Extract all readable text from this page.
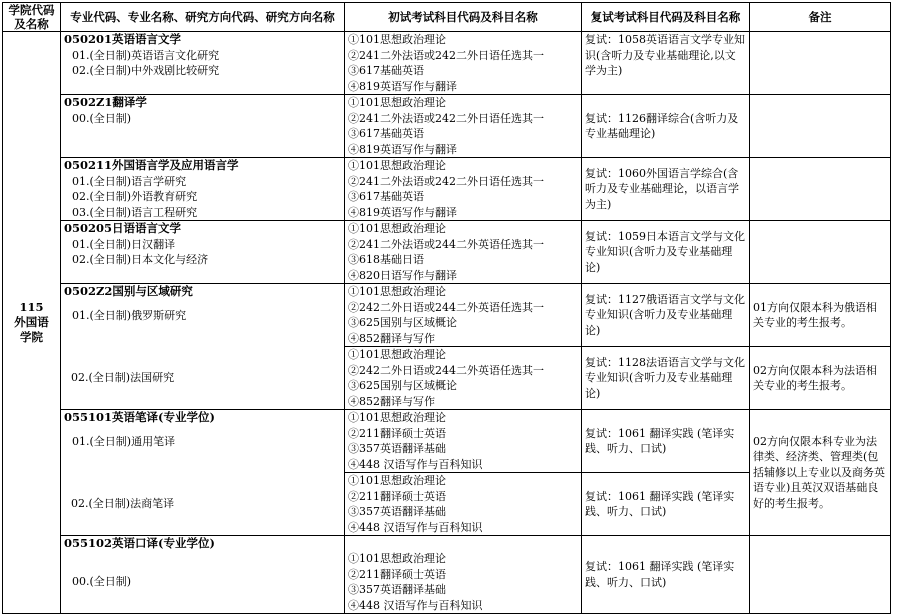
学院代码及名称	专业代码、专业名称、研究方向代码、研究方向名称	初试考试科目代码及科目名称	复试考试科目代码及科目名称	备注

115
外国语学院	050201英语语言文学
01.(全日制)英语语言文化研究
02.(全日制)中外戏剧比较研究	①101思想政治理论
②241二外法语或242二外日语任选其一
③617基础英语
④819英语写作与翻译	复试：1058英语语言文学专业知识(含听力及专业基础理论,以文学为主)	

	0502Z1翻译学
00.(全日制)	①101思想政治理论
②241二外法语或242二外日语任选其一
③617基础英语
④819英语写作与翻译	复试：1126翻译综合(含听力及专业基础理论)	

	050211外国语言学及应用语言学
01.(全日制)语言学研究
02.(全日制)外语教育研究
03.(全日制)语言工程研究	①101思想政治理论
②241二外法语或242二外日语任选其一
③617基础英语
④819英语写作与翻译	复试：1060外国语言学综合(含听力及专业基础理论，以语言学为主)	

	050205日语语言文学
01.(全日制)日汉翻译
02.(全日制)日本文化与经济	①101思想政治理论
②241二外法语或244二外英语任选其一
③618基础日语
④820日语写作与翻译	复试：1059日本语言文学与文化专业知识(含听力及专业基础理论)	

	0502Z2国别与区域研究
01.(全日制)俄罗斯研究	①101思想政治理论
②242二外日语或244二外英语任选其一
③625国别与区域概论
④852翻译与写作	复试：1127俄语语言文学与文化专业知识(含听力及专业基础理论)	01方向仅限本科为俄语相关专业的考生报考。
	02.(全日制)法国研究	①101思想政治理论
②242二外日语或244二外英语任选其一
③625国别与区域概论
④852翻译与写作	复试：1128法语语言文学与文化专业知识(含听力及专业基础理论)	02方向仅限本科为法语相关专业的考生报考。

	055101英语笔译(专业学位)
01.(全日制)通用笔译	①101思想政治理论
②211翻译硕士英语
③357英语翻译基础
④448 汉语写作与百科知识	复试：1061 翻译实践 (笔译实践、听力、口试)	02方向仅限本科专业为法律类、经济类、管理类(包括辅修以上专业以及商务英语专业)且英汉双语基础良好的考生报考。
	02.(全日制)法商笔译	①101思想政治理论
②211翻译硕士英语
③357英语翻译基础
④448 汉语写作与百科知识	复试：1061 翻译实践 (笔译实践、听力、口试)	

	055102英语口译(专业学位)
00.(全日制)	①101思想政治理论
②211翻译硕士英语
③357英语翻译基础
④448 汉语写作与百科知识	复试：1061 翻译实践 (笔译实践、听力、口试)	
